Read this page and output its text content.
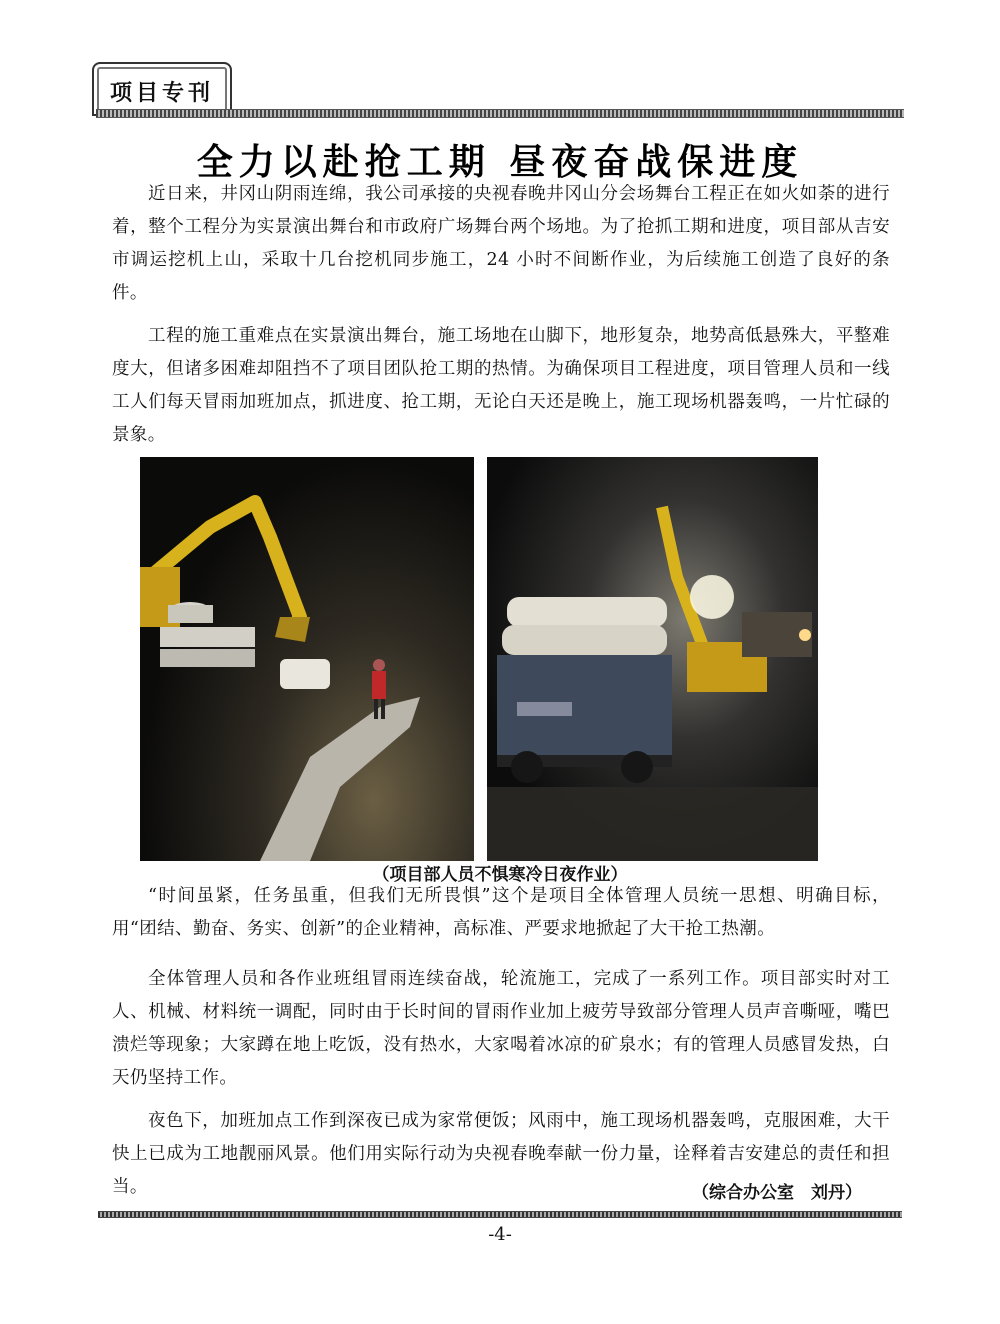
项目专刊
全力以赴抢工期 昼夜奋战保进度

近日来，井冈山阴雨连绵，我公司承接的央视春晚井冈山分会场舞台工程正在如火如荼的进行着，整个工程分为实景演出舞台和市政府广场舞台两个场地。为了抢抓工期和进度，项目部从吉安市调运挖机上山，采取十几台挖机同步施工，24 小时不间断作业，为后续施工创造了良好的条件。

工程的施工重难点在实景演出舞台，施工场地在山脚下，地形复杂，地势高低悬殊大，平整难度大，但诸多困难却阻挡不了项目团队抢工期的热情。为确保项目工程进度，项目管理人员和一线工人们每天冒雨加班加点，抓进度、抢工期，无论白天还是晚上，施工现场机器轰鸣，一片忙碌的景象。

（项目部人员不惧寒冷日夜作业）

“时间虽紧，任务虽重，但我们无所畏惧”这个是项目全体管理人员统一思想、明确目标，用“团结、勤奋、务实、创新”的企业精神，高标准、严要求地掀起了大干抢工热潮。

全体管理人员和各作业班组冒雨连续奋战，轮流施工，完成了一系列工作。项目部实时对工人、机械、材料统一调配，同时由于长时间的冒雨作业加上疲劳导致部分管理人员声音嘶哑，嘴巴溃烂等现象；大家蹲在地上吃饭，没有热水，大家喝着冰凉的矿泉水；有的管理人员感冒发热，白天仍坚持工作。

夜色下，加班加点工作到深夜已成为家常便饭；风雨中，施工现场机器轰鸣，克服困难，大干快上已成为工地靓丽风景。他们用实际行动为央视春晚奉献一份力量，诠释着吉安建总的责任和担当。	（综合办公室　刘丹）
-4-
